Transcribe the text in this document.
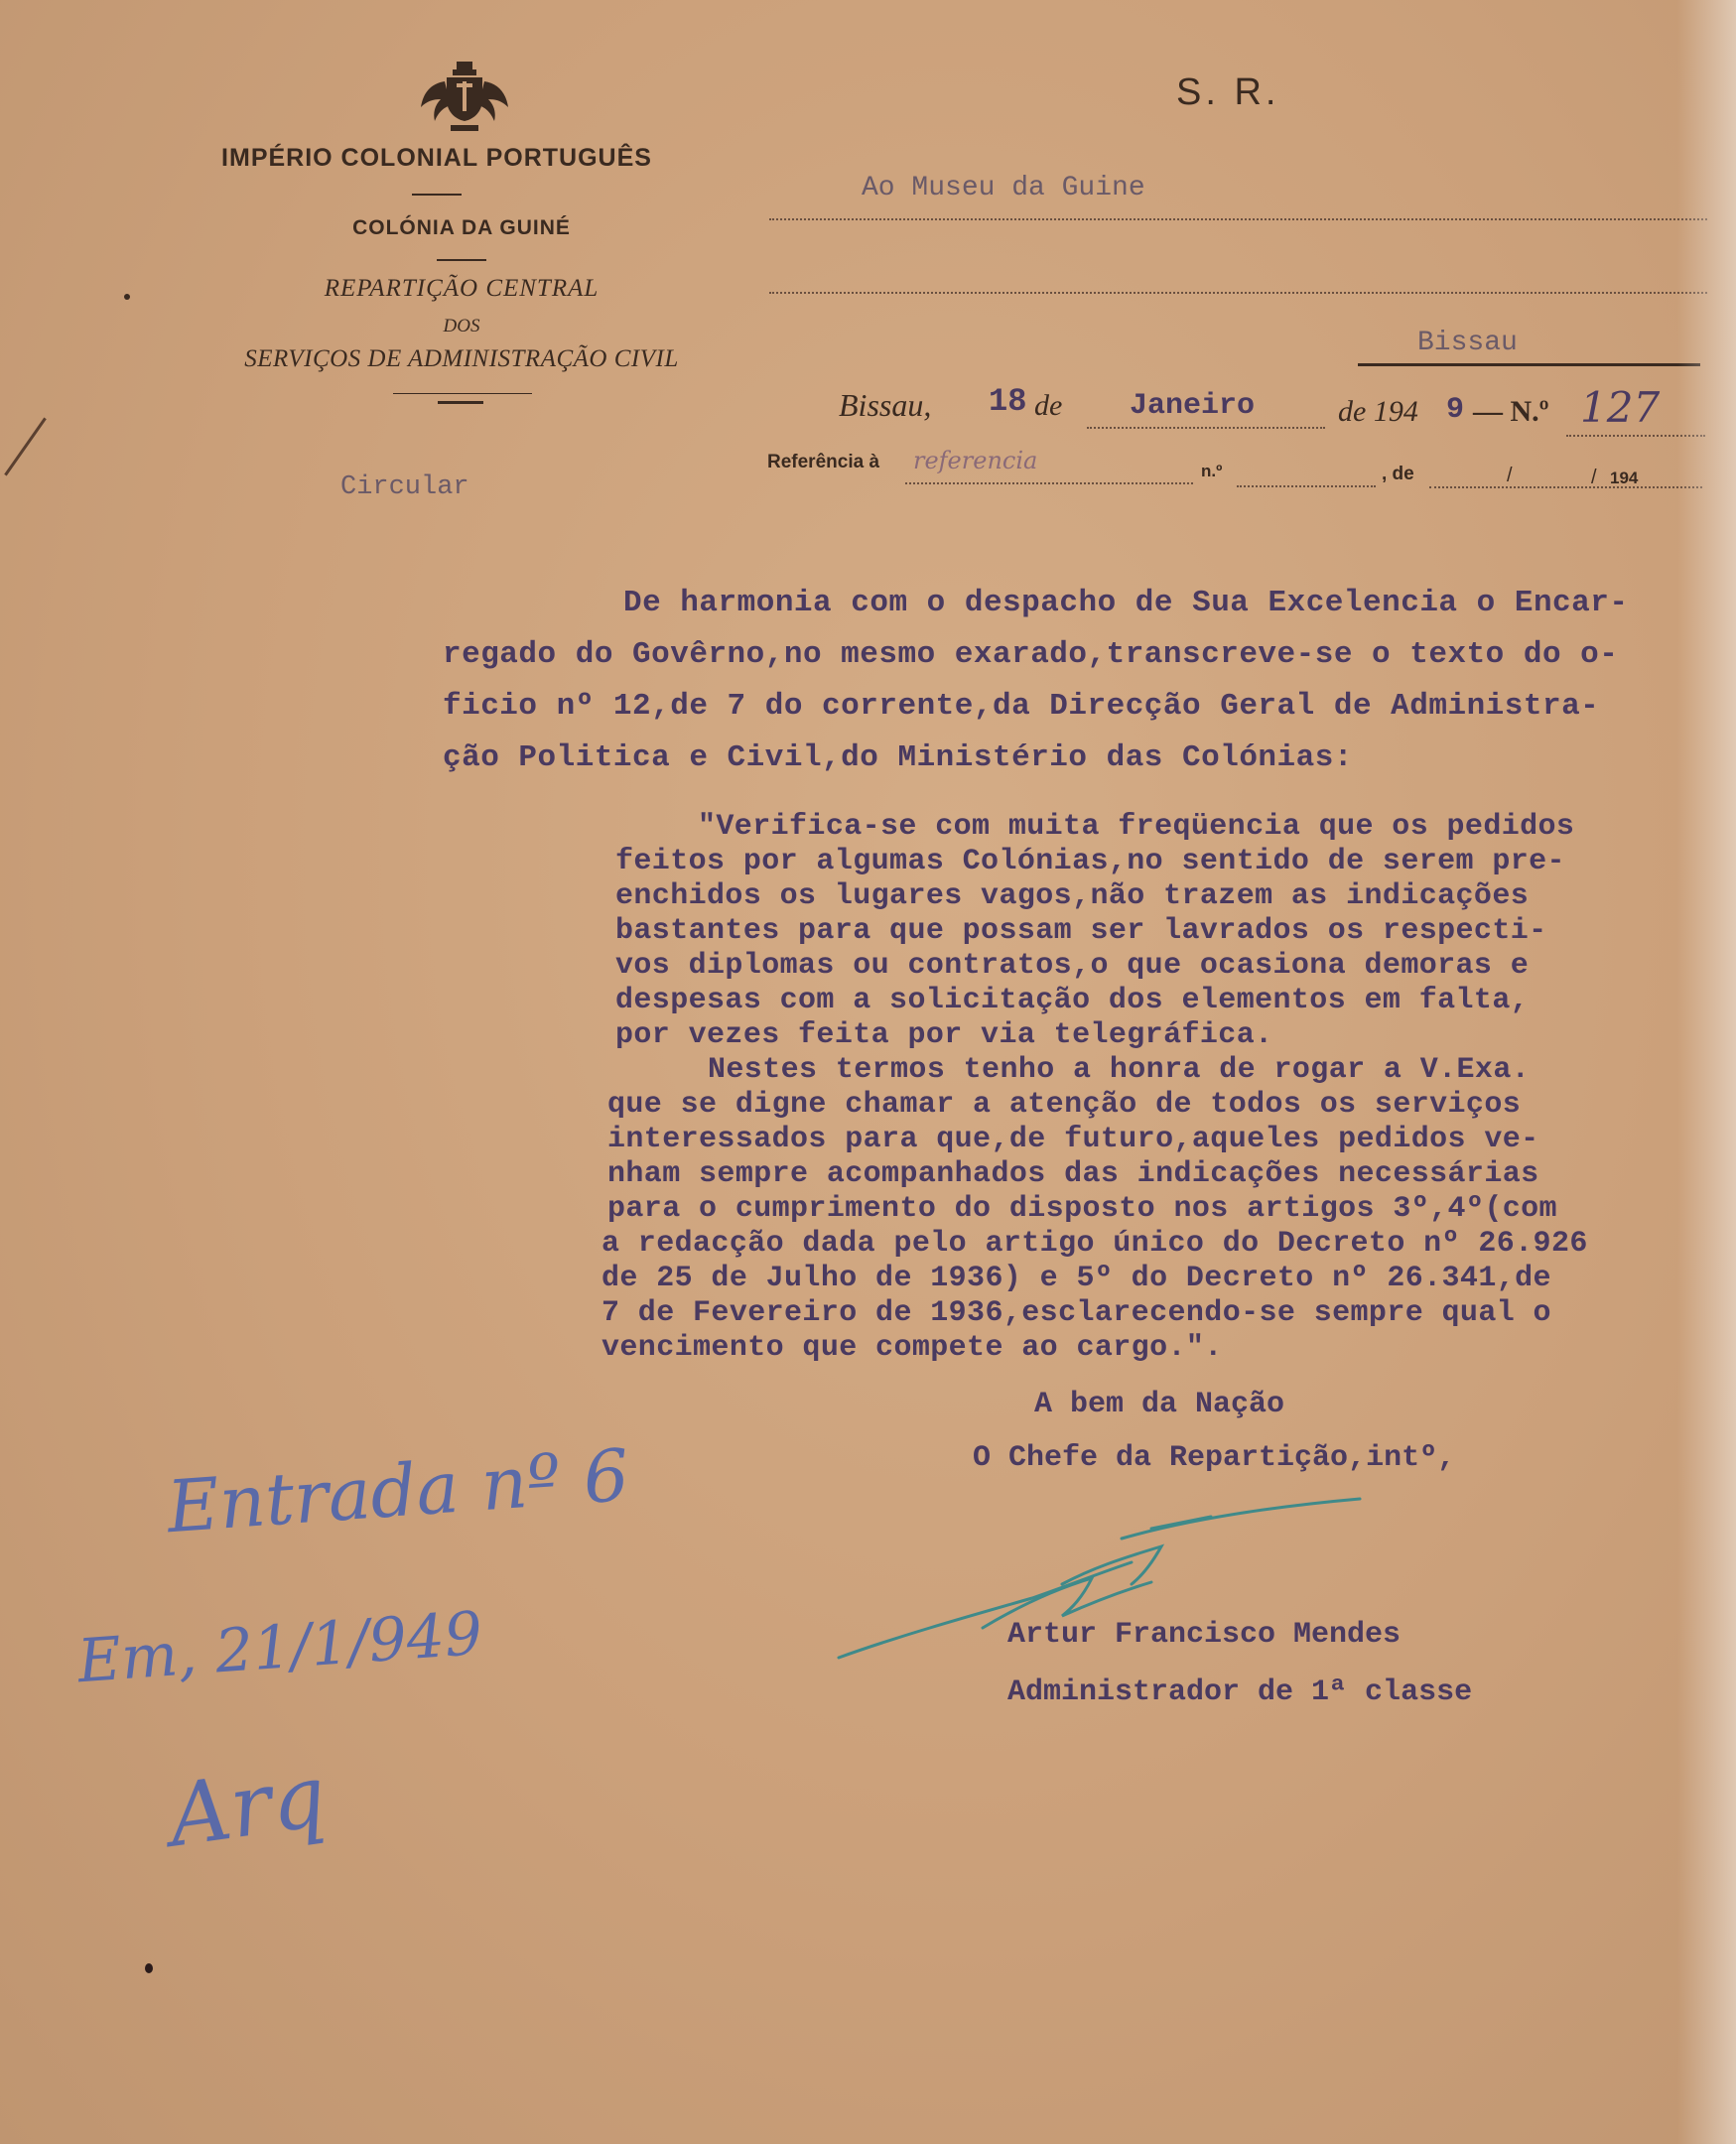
IMPÉRIO COLONIAL PORTUGUÊS
COLÓNIA DA GUINÉ
REPARTIÇÃO CENTRAL
DOS
SERVIÇOS DE ADMINISTRAÇÃO CIVIL
S. R.
Ao Museu da Guine
Bissau
Bissau, 18 de Janeiro	de 194 9 — N.º 127
Referência à referencia	n.º	, de	/	/ 194
Circular
De harmonia com o despacho de Sua Excelencia o Encar-
regado do Govêrno,no mesmo exarado,transcreve-se o texto do o-
ficio nº 12,de 7 do corrente,da Direcção Geral de Administra-
ção Politica e Civil,do Ministério das Colónias:
"Verifica-se com muita freqüencia que os pedidos
feitos por algumas Colónias,no sentido de serem pre-
enchidos os lugares vagos,não trazem as indicações
bastantes para que possam ser lavrados os respecti-
vos diplomas ou contratos,o que ocasiona demoras e
despesas com a solicitação dos elementos em falta,
por vezes feita por via telegráfica.
Nestes termos tenho a honra de rogar a V.Exa.
que se digne chamar a atenção de todos os serviços
interessados para que,de futuro,aqueles pedidos ve-
nham sempre acompanhados das indicações necessárias
para o cumprimento do disposto nos artigos 3º,4º(com
a redacção dada pelo artigo único do Decreto nº 26.926
de 25 de Julho de 1936) e 5º do Decreto nº 26.341,de
7 de Fevereiro de 1936,esclarecendo-se sempre qual o
vencimento que compete ao cargo.".
A bem da Nação
O Chefe da Repartição,intº,
Artur Francisco Mendes
Administrador de 1ª classe
Entrada nº 6
Em, 21/1/949
Arq
